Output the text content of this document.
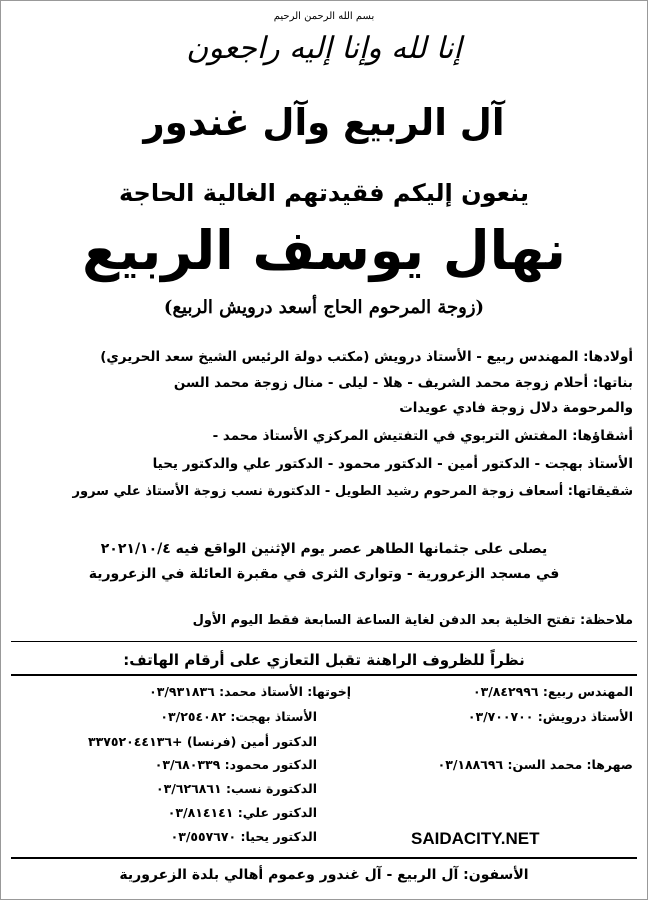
بسم الله الرحمن الرحيم
إنا لله وإنا إليه راجعون
آل الربيع وآل غندور
ينعون إليكم فقيدتهم الغالية الحاجة
نهال يوسف الربيع
(زوجة المرحوم الحاج أسعد درويش الربيع)
أولادها: المهندس ربيع - الأستاذ درويش (مكتب دولة الرئيس الشيخ سعد الحريري)
بناتها: أحلام زوجة محمد الشريف - هلا - ليلى - منال زوجة محمد السن
والمرحومة دلال زوجة فادي عويدات
أشقاؤها: المفتش التربوي في التفتيش المركزي الأستاذ محمد -
الأستاذ بهجت - الدكتور أمين - الدكتور محمود - الدكتور علي والدكتور يحيا
شقيقاتها: أسعاف زوجة المرحوم رشيد الطويل - الدكتورة نسب زوجة الأستاذ علي سرور
يصلى على جثمانها الطاهر عصر يوم الإثنين الواقع فيه ٢٠٢١/١٠/٤
في مسجد الزعرورية - وتوارى الثرى في مقبرة العائلة في الزعرورية
ملاحظة: تفتح الخلية بعد الدفن لغاية الساعة السابعة فقط اليوم الأول
نظراً للظروف الراهنة تقبل التعازي على أرقام الهاتف:
المهندس ربيع: ٠٣/٨٤٢٩٩٦
الأستاذ درويش: ٠٣/٧٠٠٧٠٠
صهرها: محمد السن: ٠٣/١٨٨٦٩٦
إخوتها: الأستاذ محمد: ٠٣/٩٣١٨٣٦
الأستاذ بهجت: ٠٣/٢٥٤٠٨٢
الدكتور أمين (فرنسا) +٣٣٧٥٢٠٤٤١٣٦
الدكتور محمود: ٠٣/٦٨٠٣٣٩
الدكتورة نسب: ٠٣/٦٢٦٨٦١
الدكتور علي: ٠٣/٨١٤١٤١
الدكتور يحيا: ٠٣/٥٥٧٦٧٠	SAIDACITY.NET
الأسفون: آل الربيع - آل غندور وعموم أهالي بلدة الزعرورية
